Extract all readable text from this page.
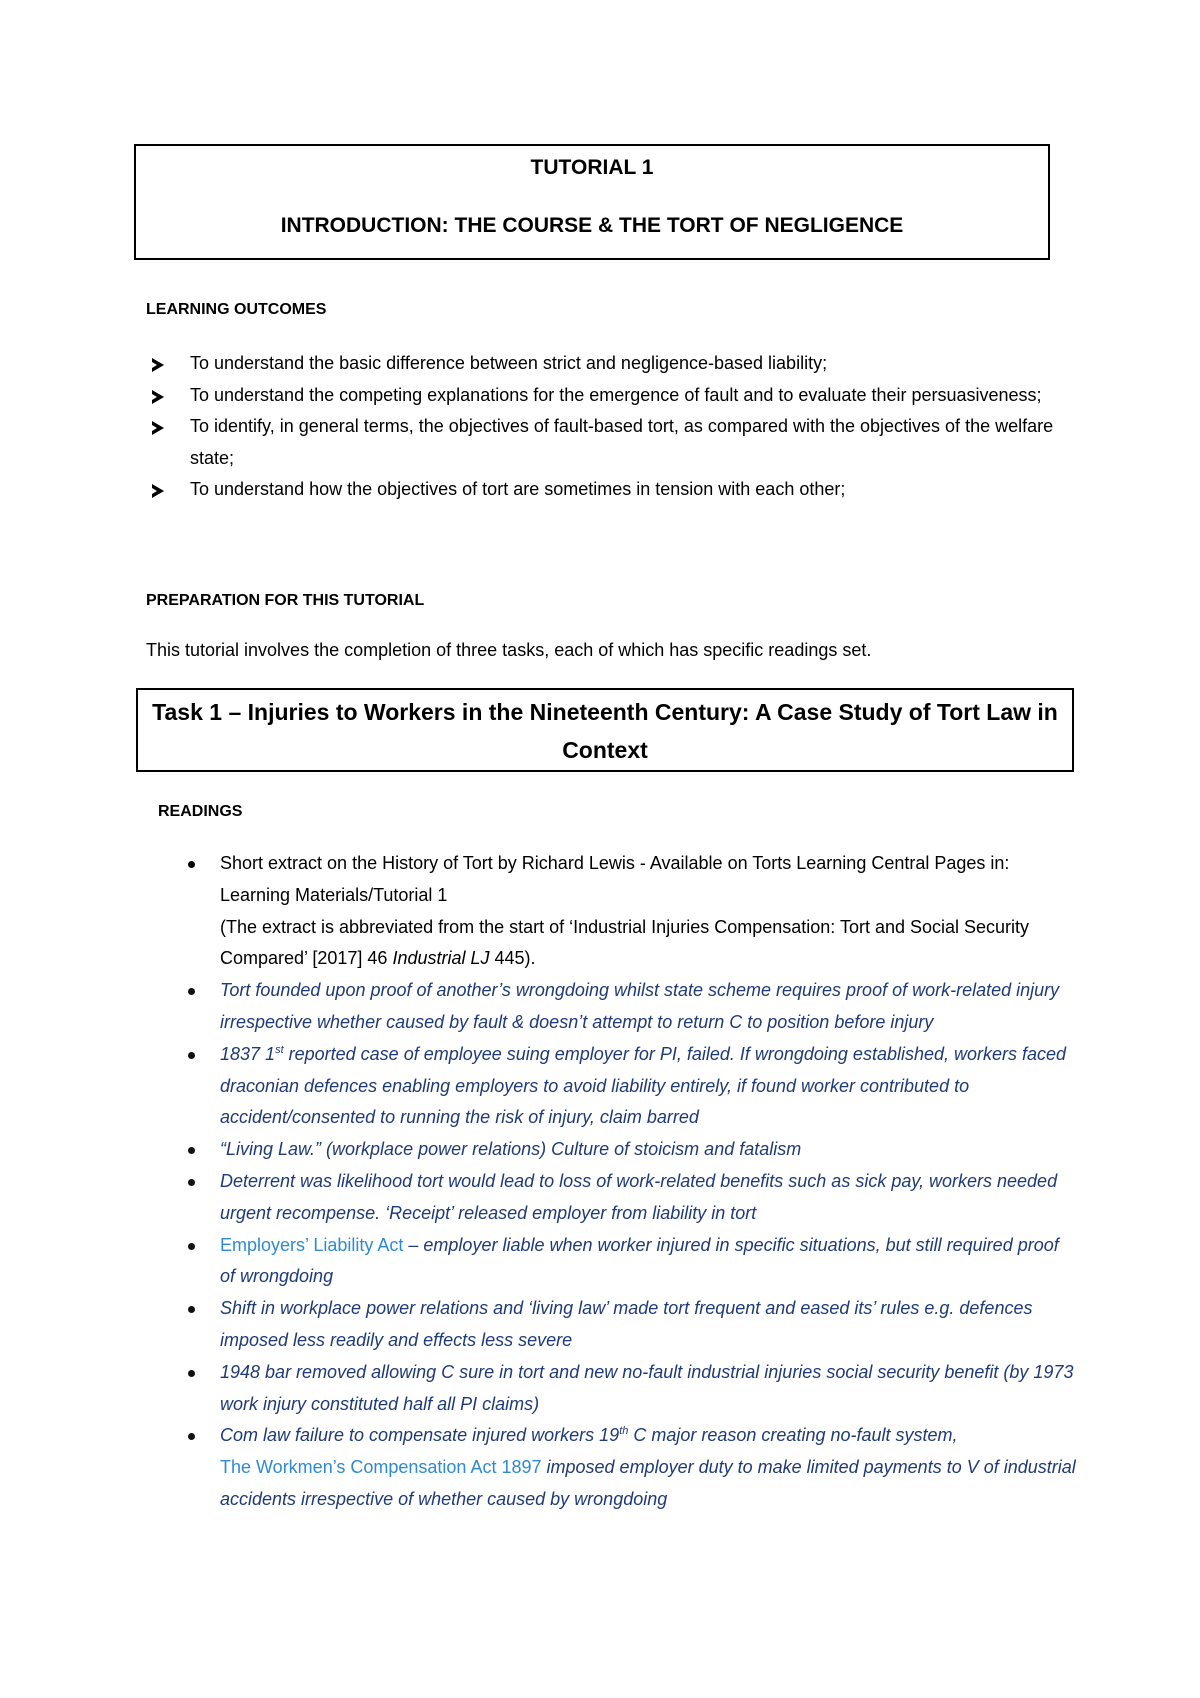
TUTORIAL 1
INTRODUCTION: THE COURSE & THE TORT OF NEGLIGENCE
LEARNING OUTCOMES
To understand the basic difference between strict and negligence-based liability;
To understand the competing explanations for the emergence of fault and to evaluate their persuasiveness;
To identify, in general terms, the objectives of fault-based tort, as compared with the objectives of the welfare state;
To understand how the objectives of tort are sometimes in tension with each other;
PREPARATION FOR THIS TUTORIAL
This tutorial involves the completion of three tasks, each of which has specific readings set.
Task 1 – Injuries to Workers in the Nineteenth Century: A Case Study of Tort Law in Context
READINGS
Short extract on the History of Tort by Richard Lewis - Available on Torts Learning Central Pages in: Learning Materials/Tutorial 1
(The extract is abbreviated from the start of ‘Industrial Injuries Compensation: Tort and Social Security Compared’ [2017] 46 Industrial LJ 445).
Tort founded upon proof of another’s wrongdoing whilst state scheme requires proof of work-related injury irrespective whether caused by fault & doesn’t attempt to return C to position before injury
1837 1st reported case of employee suing employer for PI, failed. If wrongdoing established, workers faced draconian defences enabling employers to avoid liability entirely, if found worker contributed to accident/consented to running the risk of injury, claim barred
“Living Law.” (workplace power relations) Culture of stoicism and fatalism
Deterrent was likelihood tort would lead to loss of work-related benefits such as sick pay, workers needed urgent recompense. ‘Receipt’ released employer from liability in tort
Employers’ Liability Act – employer liable when worker injured in specific situations, but still required proof of wrongdoing
Shift in workplace power relations and ‘living law’ made tort frequent and eased its’ rules e.g. defences imposed less readily and effects less severe
1948 bar removed allowing C sure in tort and new no-fault industrial injuries social security benefit (by 1973 work injury constituted half all PI claims)
Com law failure to compensate injured workers 19th C major reason creating no-fault system,
The Workmen’s Compensation Act 1897 imposed employer duty to make limited payments to V of industrial accidents irrespective of whether caused by wrongdoing
